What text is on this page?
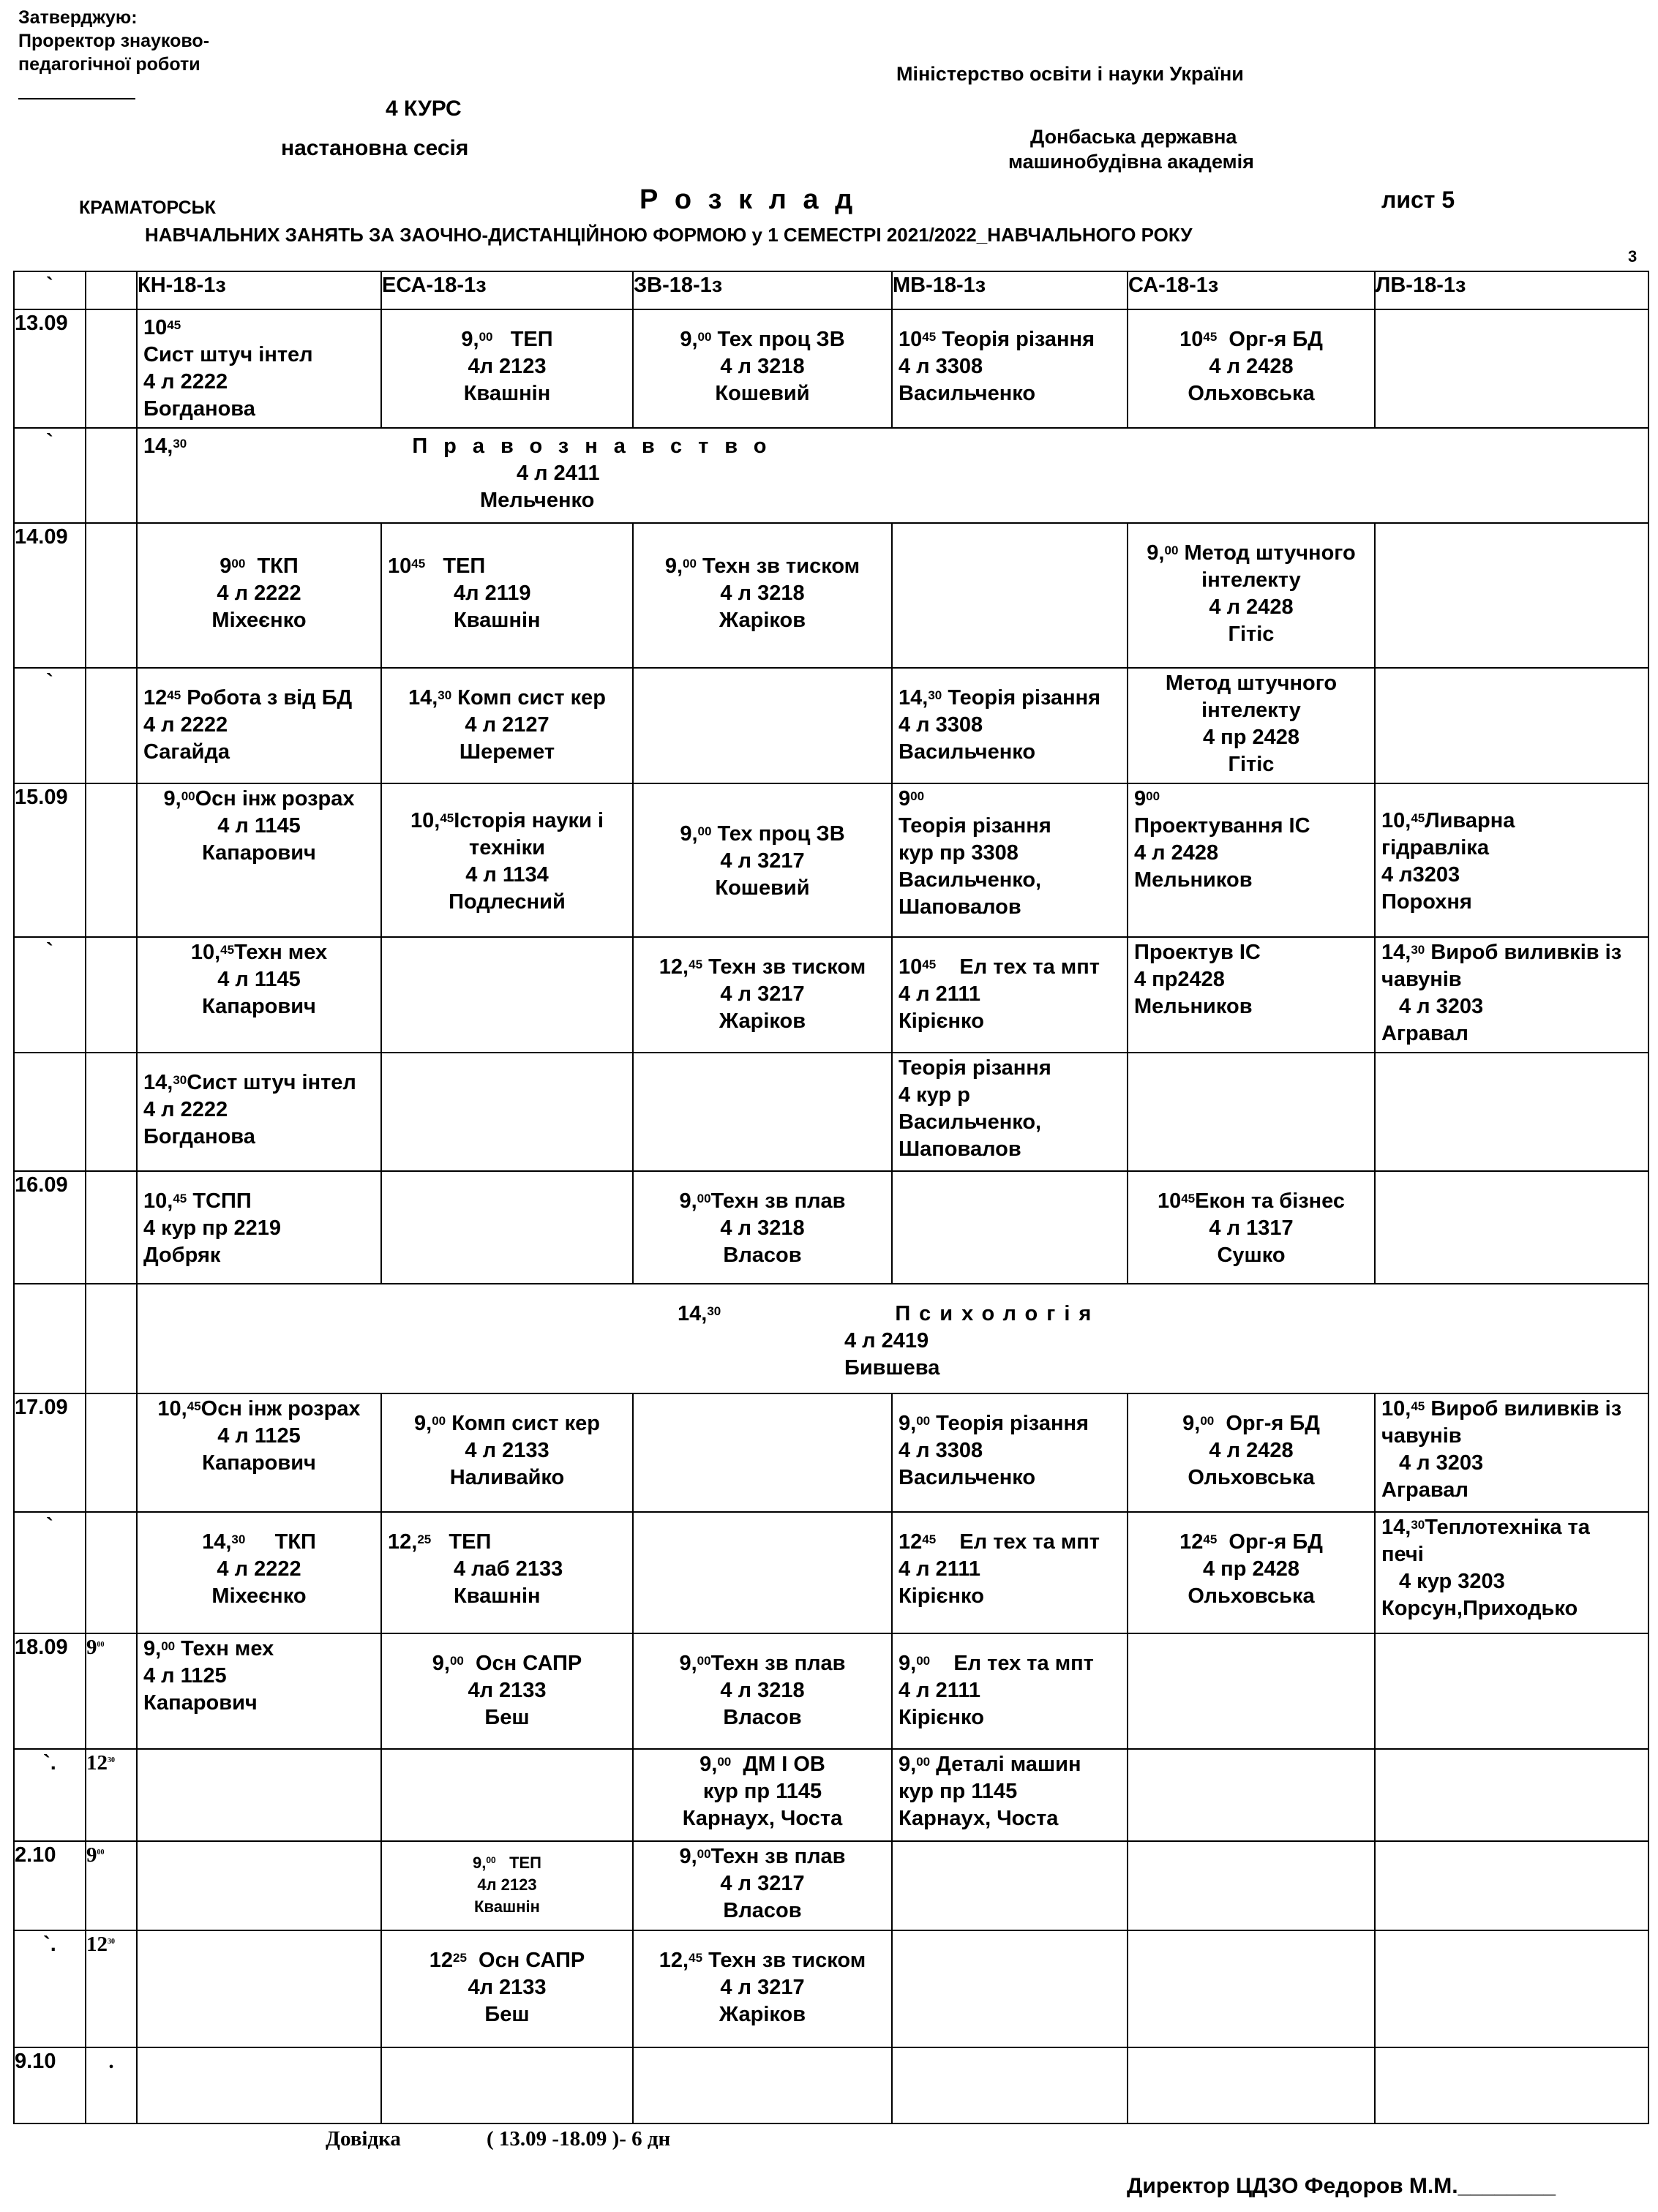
Затверджую:
Проректор знауково-
педагогічної роботи
4 КУРС
настановна сесія
Міністерство освіти і науки України
Донбаська державна
машинобудівна академія
КРАМАТОРСЬК	Р о з к л а д	лист 5
НАВЧАЛЬНИХ ЗАНЯТЬ ЗА ЗАОЧНО-ДИСТАНЦІЙНОЮ ФОРМОЮ у 1 СЕМЕСТРІ 2021/2022_НАВЧАЛЬНОГО РОКУ
3
`		КН-18-1з	ЕСА-18-1з	ЗВ-18-1з	МВ-18-1з	СА-18-1з	ЛВ-18-1з
13.09		$10^{45}$
Сист штуч інтел
4 л 2222
Богданова	9,00 ТЕП
4л 2123
Квашнін	9,00 Тех проц ЗВ
4 л 3218
Кошевий	$10^{45}$ Теорія різання
4 л 3308
Васильченко	$10^{45}$ Орг-я БД
4 л 2428
Ольховська	

`		14,30 Правознавство
4 л 2411
Мельченко					

14.09		$9^{00}$ ТКП
4 л 2222
Міхеєнко	$10^{45}$ ТЕП
4л 2119
Квашнін	9,00 Техн зв тиском
4 л 3218
Жаріков		9,00 Метод штучного
інтелекту
4 л 2428
Гітіс	

`		$12^{45}$ Робота з від БД
4 л 2222
Сагайда	14,30 Комп сист кер
4 л 2127
Шеремет		14,30 Теорія різання
4 л 3308
Васильченко	Метод штучного
інтелекту
4 пр 2428
Гітіс	

15.09		9,00Осн інж розрах
4 л 1145
Капарович	10,45Історія науки і
техніки
4 л 1134
Подлесний	9,00 Тех проц ЗВ
4 л 3217
Кошевий	$9^{00}$
Теорія різання
кур пр 3308
Васильченко,
Шаповалов	$9^{00}$
Проектування ІС
4 л 2428
Мельников	10,45Ливарна
гідравліка
4 л3203
Порохня

`		10,45Техн мех
4 л 1145
Капарович		12,45 Техн зв тиском
4 л 3217
Жаріков	$10^{45}$ Ел тех та мпт
4 л 2111
Кірієнко	Проектув ІС
4 пр2428
Мельников	14,30 Вироб виливків із
чавунів
4 л 3203
Агравал

		14,30Сист штуч інтел
4 л 2222
Богданова			Теорія різання
4 кур р
Васильченко,
Шаповалов		

16.09		10,45 ТСПП
4 кур пр 2219
Добряк		9,00Техн зв плав
4 л 3218
Власов		$10^{45}Екон$ та бізнес
4 л 1317
Сушко	

		14,30 Психологія
4 л 2419
Бившева					

17.09		10,45Осн інж розрах
4 л 1125
Капарович	9,00 Комп сист кер
4 л 2133
Наливайко		9,00 Теорія різання
4 л 3308
Васильченко	9,00 Орг-я БД
4 л 2428
Ольховська	10,45 Вироб виливків із
чавунів
4 л 3203
Агравал

`		14,30 ТКП
4 л 2222
Міхеєнко	12,25 ТЕП
4 лаб 2133
Квашнін		$12^{45}$ Ел тех та мпт
4 л 2111
Кірієнко	$12^{45}$ Орг-я БД
4 пр 2428
Ольховська	14,30Теплотехніка та
печі
4 кур 3203
Корсун,Приходько

18.09	$9^{00}$	9,00 Техн мех
4 л 1125
Капарович	9,00 Осн САПР
4л 2133
Беш	9,00Техн зв плав
4 л 3218
Власов	9,00 Ел тех та мпт
4 л 2111
Кірієнко		

`.	$12^{30}$			9,00 ДМ І ОВ
кур пр 1145
Карнаух, Чоста	9,00 Деталі машин
кур пр 1145
Карнаух, Чоста		

2.10	$9^{00}$		9,00 ТЕП
4л 2123
Квашнін	9,00Техн зв плав
4 л 3217
Власов			

`.	$12^{30}$		$12^{25}$ Осн САПР
4л 2133
Беш	12,45 Техн зв тиском
4 л 3217
Жаріков			

9.10	.						
Довідка	( 13.09 -18.09 )- 6 дн
Директор ЦДЗО Федоров М.М.________
